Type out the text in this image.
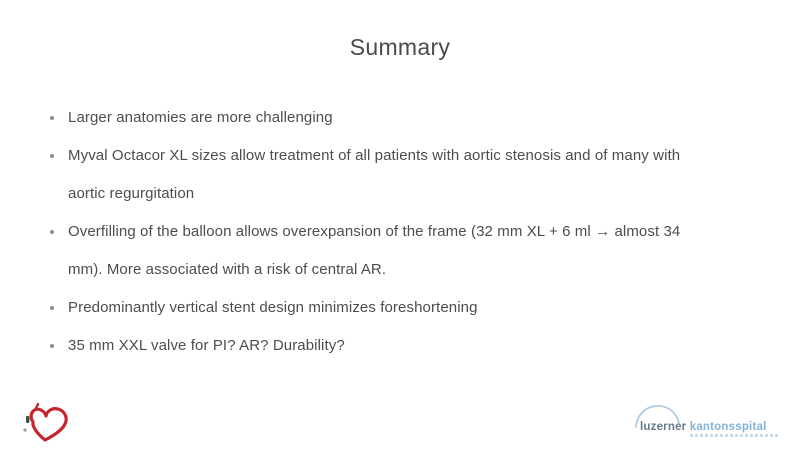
Summary
Larger anatomies are more challenging
Myval Octacor XL sizes allow treatment of all patients with aortic stenosis and of many with aortic regurgitation
Overfilling of the balloon allows overexpansion of the frame (32 mm XL + 6 ml → almost 34 mm). More associated with a risk of central AR.
Predominantly vertical stent design minimizes foreshortening
35 mm XXL valve for PI? AR? Durability?
luzerner kantonsspital
